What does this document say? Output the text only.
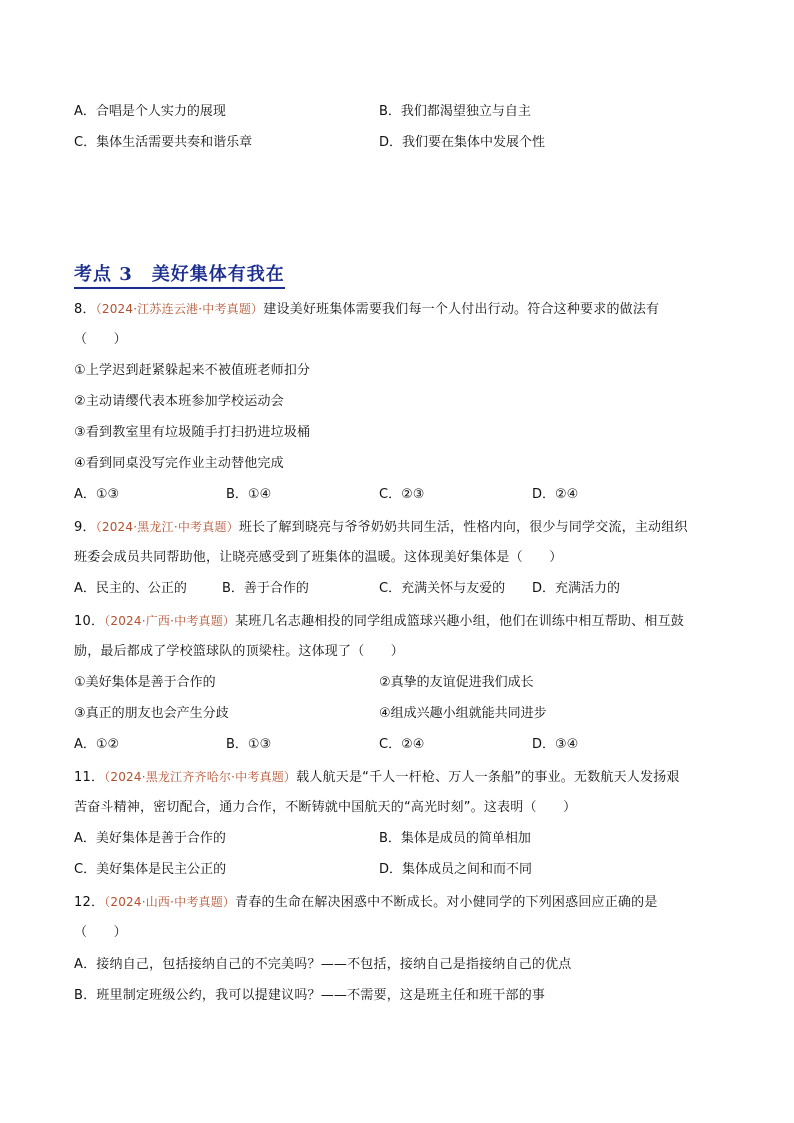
A．合唱是个人实力的展现	B．我们都渴望独立与自主
C．集体生活需要共奏和谐乐章	D．我们要在集体中发展个性
考点 3　美好集体有我在
8．（2024·江苏连云港·中考真题）建设美好班集体需要我们每一个人付出行动。符合这种要求的做法有
（　　）
①上学迟到赶紧躲起来不被值班老师扣分
②主动请缨代表本班参加学校运动会
③看到教室里有垃圾随手打扫扔进垃圾桶
④看到同桌没写完作业主动替他完成
A．①③	B．①④	C．②③	D．②④
9．（2024·黑龙江·中考真题）班长了解到晓亮与爷爷奶奶共同生活，性格内向，很少与同学交流，主动组织
班委会成员共同帮助他，让晓亮感受到了班集体的温暖。这体现美好集体是（　　）
A．民主的、公正的	B．善于合作的	C．充满关怀与友爱的 D．充满活力的
10．（2024·广西·中考真题）某班几名志趣相投的同学组成篮球兴趣小组，他们在训练中相互帮助、相互鼓
励，最后都成了学校篮球队的顶梁柱。这体现了（　　）
①美好集体是善于合作的	②真挚的友谊促进我们成长
③真正的朋友也会产生分歧	④组成兴趣小组就能共同进步
A．①②	B．①③	C．②④	D．③④
11．（2024·黑龙江齐齐哈尔·中考真题）载人航天是“千人一杆枪、万人一条船”的事业。无数航天人发扬艰
苦奋斗精神，密切配合，通力合作，不断铸就中国航天的“高光时刻”。这表明（　　）
A．美好集体是善于合作的	B．集体是成员的简单相加
C．美好集体是民主公正的	D．集体成员之间和而不同
12．（2024·山西·中考真题）青春的生命在解决困惑中不断成长。对小健同学的下列困惑回应正确的是
（　　）
A．接纳自己，包括接纳自己的不完美吗？——不包括，接纳自己是指接纳自己的优点
B．班里制定班级公约，我可以提建议吗？——不需要，这是班主任和班干部的事
